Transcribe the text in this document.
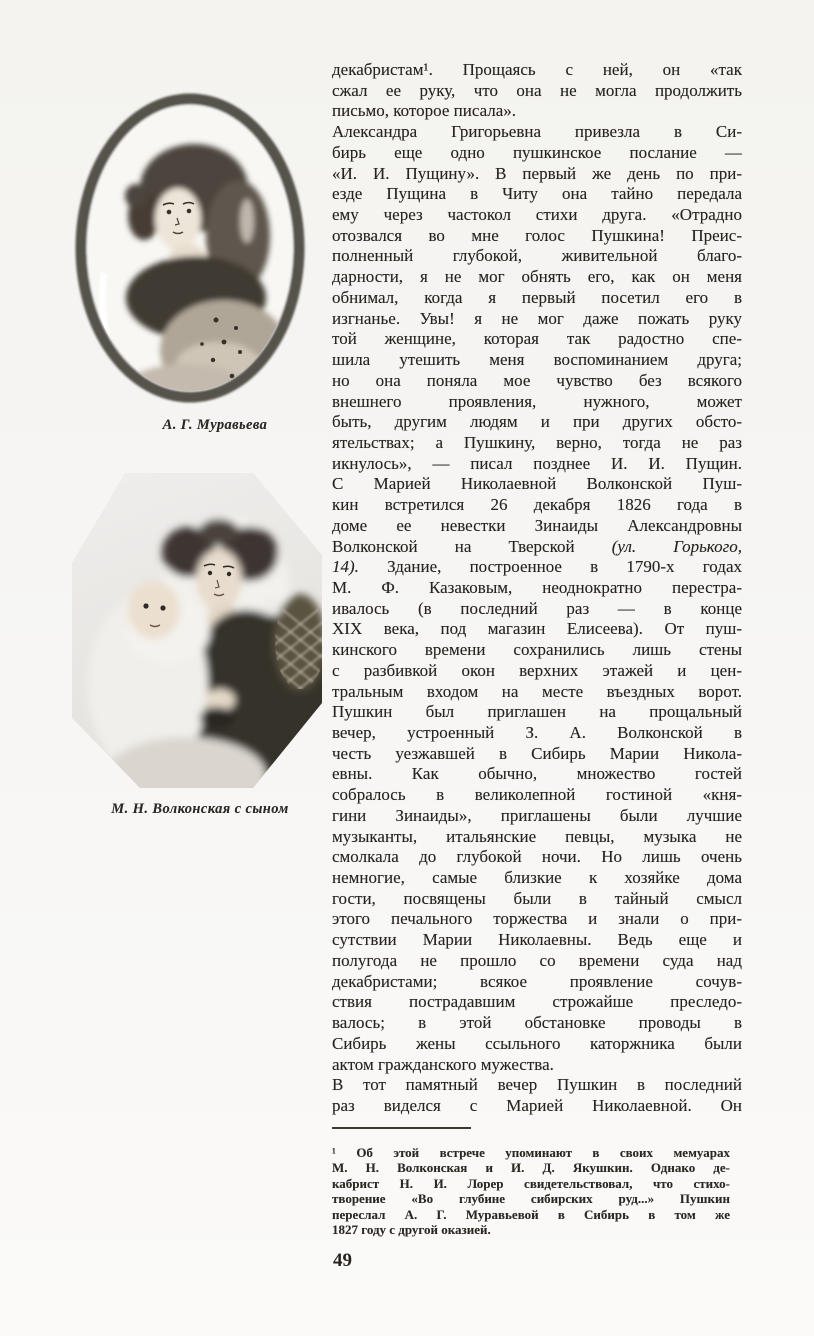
А. Г. Муравьева
М. Н. Волконская с сыном
декабристам¹. Прощаясь с ней, он «так
сжал ее руку, что она не могла продолжить
письмо, которое писала».
Александра Григорьевна привезла в Си-
бирь еще одно пушкинское послание —
«И. И. Пущину». В первый же день по при-
езде Пущина в Читу она тайно передала
ему через частокол стихи друга. «Отрадно
отозвался во мне голос Пушкина! Преис-
полненный глубокой, живительной благо-
дарности, я не мог обнять его, как он меня
обнимал, когда я первый посетил его в
изгнанье. Увы! я не мог даже пожать руку
той женщине, которая так радостно спе-
шила утешить меня воспоминанием друга;
но она поняла мое чувство без всякого
внешнего проявления, нужного, может
быть, другим людям и при других обсто-
ятельствах; а Пушкину, верно, тогда не раз
икнулось», — писал позднее И. И. Пущин.
С Марией Николаевной Волконской Пуш-
кин встретился 26 декабря 1826 года в
доме ее невестки Зинаиды Александровны
Волконской на Тверской (ул. Горького,
14). Здание, построенное в 1790-х годах
М. Ф. Казаковым, неоднократно перестра-
ивалось (в последний раз — в конце
XIX века, под магазин Елисеева). От пуш-
кинского времени сохранились лишь стены
с разбивкой окон верхних этажей и цен-
тральным входом на месте въездных ворот.
Пушкин был приглашен на прощальный
вечер, устроенный З. А. Волконской в
честь уезжавшей в Сибирь Марии Никола-
евны. Как обычно, множество гостей
собралось в великолепной гостиной «кня-
гини Зинаиды», приглашены были лучшие
музыканты, итальянские певцы, музыка не
смолкала до глубокой ночи. Но лишь очень
немногие, самые близкие к хозяйке дома
гости, посвящены были в тайный смысл
этого печального торжества и знали о при-
сутствии Марии Николаевны. Ведь еще и
полугода не прошло со времени суда над
декабристами; всякое проявление сочув-
ствия пострадавшим строжайше преследо-
валось; в этой обстановке проводы в
Сибирь жены ссыльного каторжника были
актом гражданского мужества.
В тот памятный вечер Пушкин в последний
раз виделся с Марией Николаевной. Он
¹ Об этой встрече упоминают в своих мемуарах
М. Н. Волконская и И. Д. Якушкин. Однако де-
кабрист Н. И. Лорер свидетельствовал, что стихо-
творение «Во глубине сибирских руд...» Пушкин
переслал А. Г. Муравьевой в Сибирь в том же
1827 году с другой оказией.
49
